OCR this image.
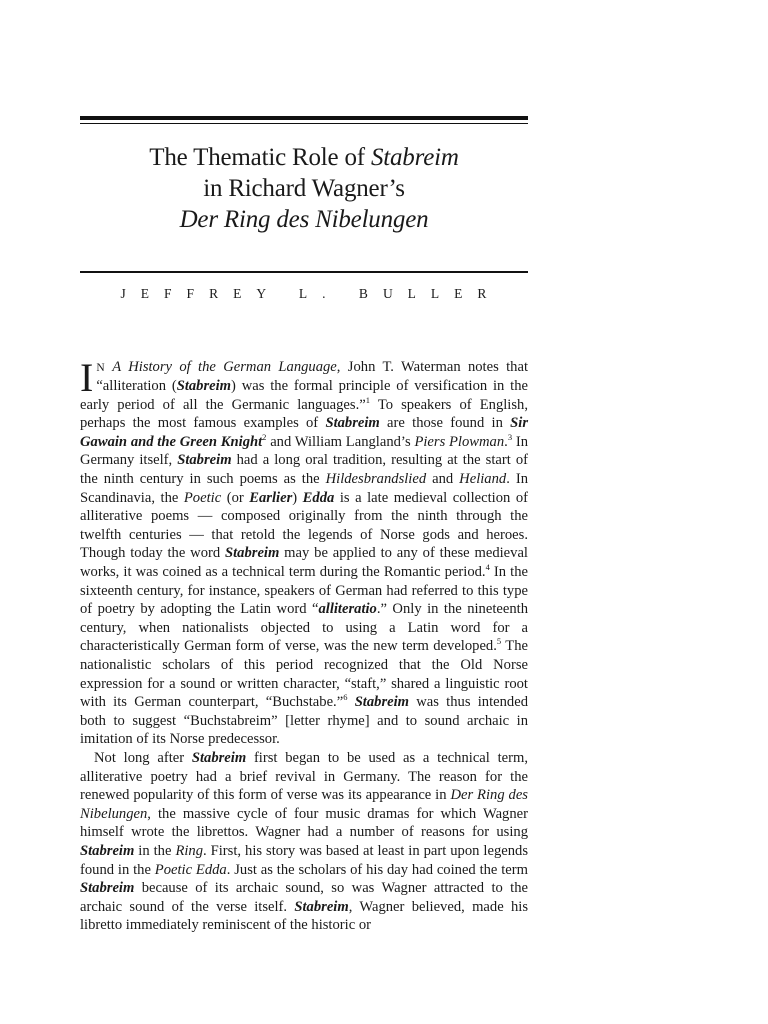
The Thematic Role of Stabreim
in Richard Wagner’s
Der Ring des Nibelungen
JEFFREY L. BULLER

I N A History of the German Language, John T. Waterman notes that “alliteration (Stabreim) was the formal principle of versification in the early period of all the Germanic languages.”$^1$ To speakers of English, perhaps the most famous examples of Stabreim are those found in Sir Gawain and the Green Knight$^2$ and William Langland’s Piers Plowman.$^3$ In Germany itself, Stabreim had a long oral tradition, resulting at the start of the ninth century in such poems as the Hildesbrandslied and Heliand. In Scandinavia, the Poetic (or Earlier) Edda is a late medieval collection of alliterative poems — composed originally from the ninth through the twelfth centuries — that retold the legends of Norse gods and heroes. Though today the word Stabreim may be applied to any of these medieval works, it was coined as a technical term during the Romantic period.$^4$ In the sixteenth century, for instance, speakers of German had referred to this type of poetry by adopting the Latin word “alliteratio.” Only in the nineteenth century, when nationalists objected to using a Latin word for a characteristically German form of verse, was the new term developed.$^5$ The nationalistic scholars of this period recognized that the Old Norse expression for a sound or written character, “staft,” shared a linguistic root with its German counterpart, “Buchstabe.”$^6$ Stabreim was thus intended both to suggest “Buchstabreim” [letter rhyme] and to sound archaic in imitation of its Norse predecessor.

Not long after Stabreim first began to be used as a technical term, alliterative poetry had a brief revival in Germany. The reason for the renewed popularity of this form of verse was its appearance in Der Ring des Nibelungen, the massive cycle of four music dramas for which Wagner himself wrote the librettos. Wagner had a number of reasons for using Stabreim in the Ring. First, his story was based at least in part upon legends found in the Poetic Edda. Just as the scholars of his day had coined the term Stabreim because of its archaic sound, so was Wagner attracted to the archaic sound of the verse itself. Stabreim, Wagner believed, made his libretto immediately reminiscent of the historic or
